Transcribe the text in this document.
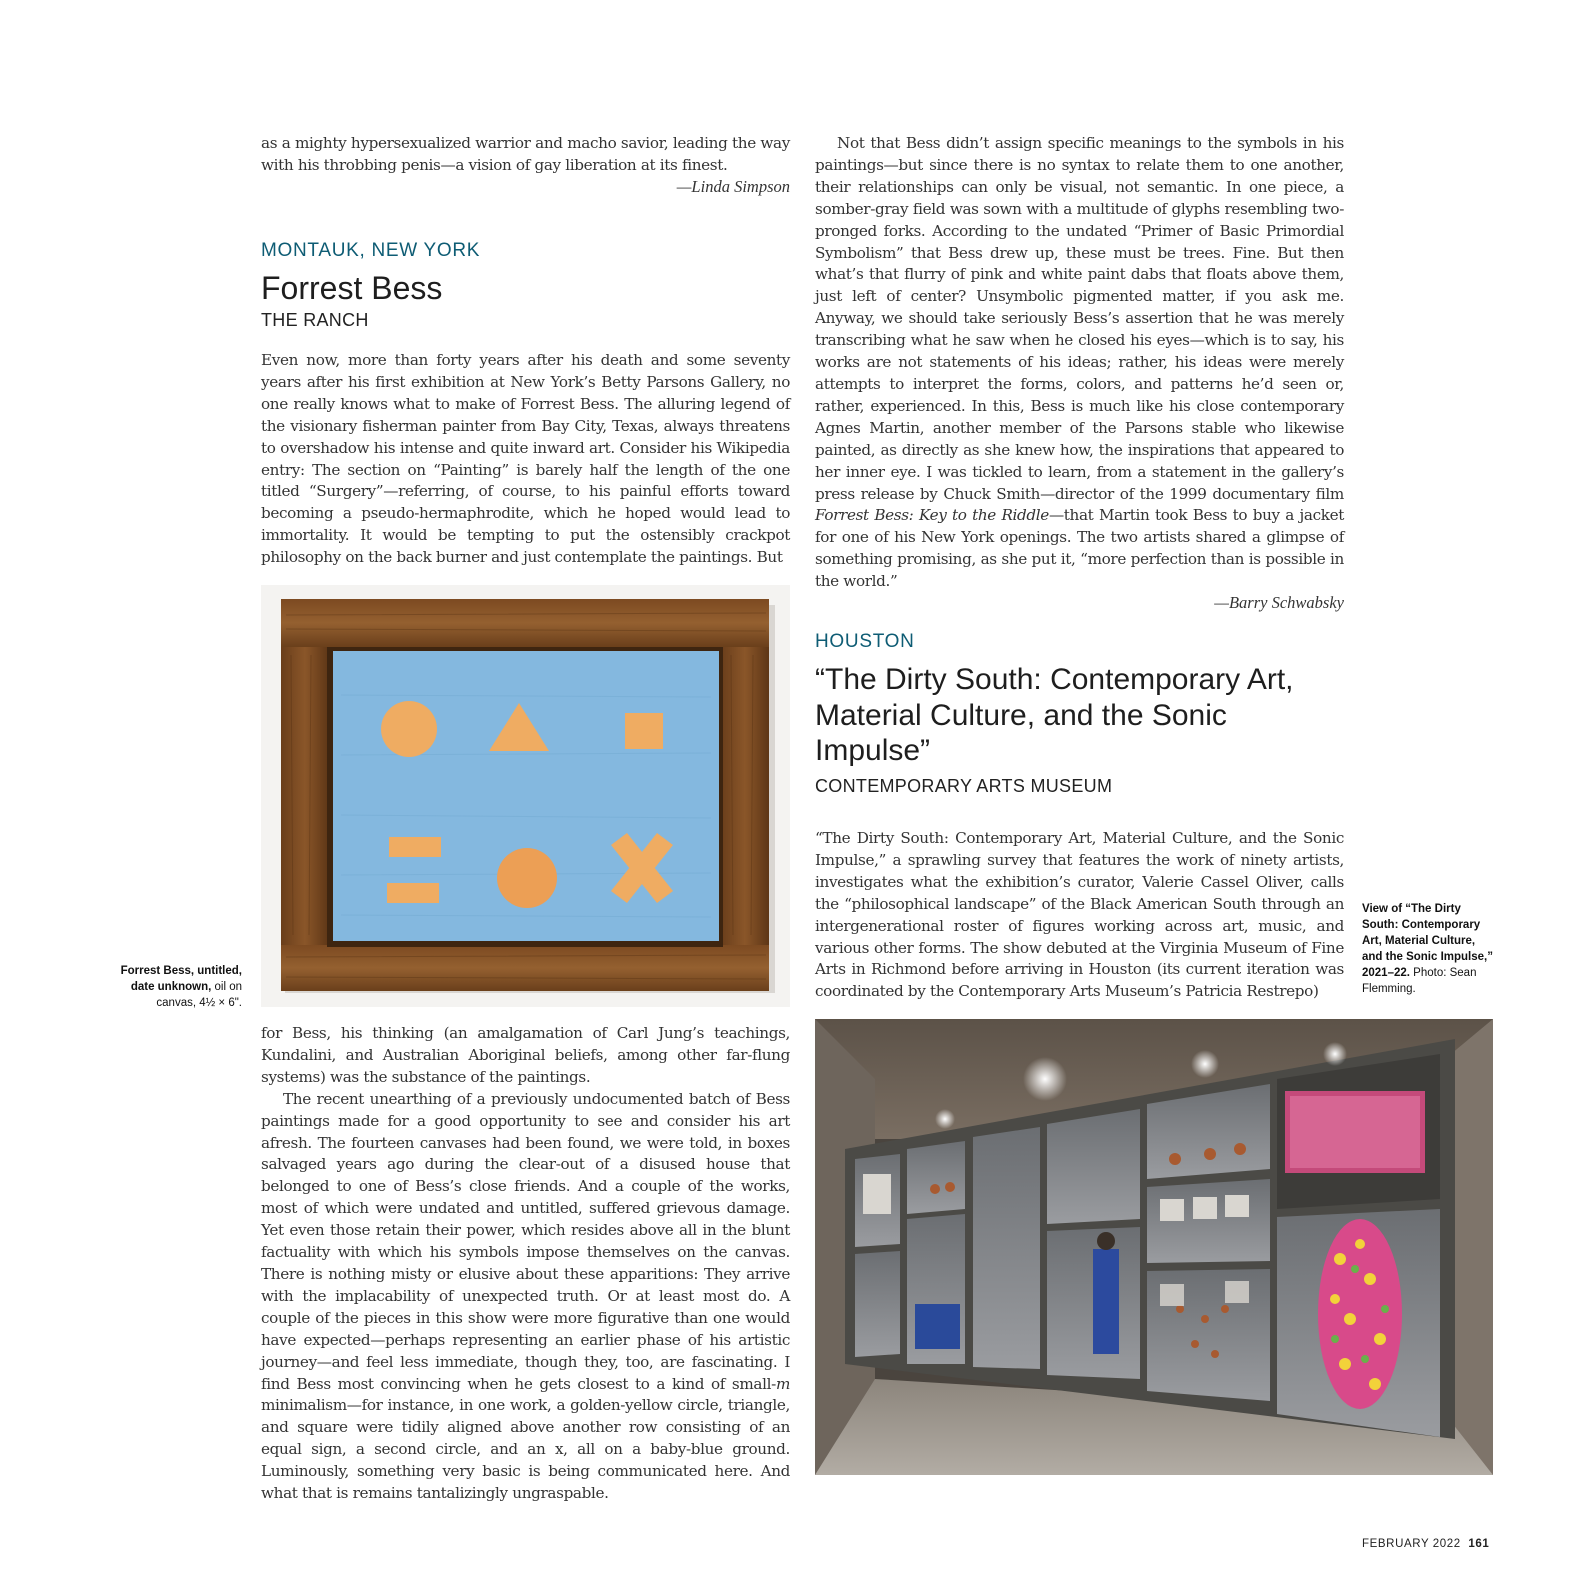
as a mighty hypersexualized warrior and macho savior, leading the way with his throbbing penis—a vision of gay liberation at its finest.

—Linda Simpson

MONTAUK, NEW YORK
Forrest Bess
THE RANCH

Even now, more than forty years after his death and some seventy years after his first exhibition at New York’s Betty Parsons Gallery, no one really knows what to make of Forrest Bess. The alluring legend of the visionary fisherman painter from Bay City, Texas, always threatens to overshadow his intense and quite inward art. Consider his Wikipedia entry: The section on “Painting” is barely half the length of the one titled “Surgery”—referring, of course, to his painful efforts toward becoming a pseudo-hermaphrodite, which he hoped would lead to immortality. It would be tempting to put the ostensibly crackpot philosophy on the back burner and just contemplate the paintings. But

Forrest Bess, untitled, date unknown, oil on canvas, 4½ × 6".

for Bess, his thinking (an amalgamation of Carl Jung’s teachings, Kundalini, and Australian Aboriginal beliefs, among other far-flung systems) was the substance of the paintings.

The recent unearthing of a previously undocumented batch of Bess paintings made for a good opportunity to see and consider his art afresh. The fourteen canvases had been found, we were told, in boxes salvaged years ago during the clear-out of a disused house that belonged to one of Bess’s close friends. And a couple of the works, most of which were undated and untitled, suffered grievous damage. Yet even those retain their power, which resides above all in the blunt factuality with which his symbols impose themselves on the canvas. There is nothing misty or elusive about these apparitions: They arrive with the implacability of unexpected truth. Or at least most do. A couple of the pieces in this show were more figurative than one would have expected—perhaps representing an earlier phase of his artistic journey—and feel less immediate, though they, too, are fascinating. I find Bess most convincing when he gets closest to a kind of small-m minimalism—for instance, in one work, a golden-yellow circle, triangle, and square were tidily aligned above another row consisting of an equal sign, a second circle, and an x, all on a baby-blue ground. Luminously, something very basic is being communicated here. And what that is remains tantalizingly ungraspable.

Not that Bess didn’t assign specific meanings to the symbols in his paintings—but since there is no syntax to relate them to one another, their relationships can only be visual, not semantic. In one piece, a somber-gray field was sown with a multitude of glyphs resembling two-pronged forks. According to the undated “Primer of Basic Primordial Symbolism” that Bess drew up, these must be trees. Fine. But then what’s that flurry of pink and white paint dabs that floats above them, just left of center? Unsymbolic pigmented matter, if you ask me. Anyway, we should take seriously Bess’s assertion that he was merely transcribing what he saw when he closed his eyes—which is to say, his works are not statements of his ideas; rather, his ideas were merely attempts to interpret the forms, colors, and patterns he’d seen or, rather, experienced. In this, Bess is much like his close contemporary Agnes Martin, another member of the Parsons stable who likewise painted, as directly as she knew how, the inspirations that appeared to her inner eye. I was tickled to learn, from a statement in the gallery’s press release by Chuck Smith—director of the 1999 documentary film Forrest Bess: Key to the Riddle—that Martin took Bess to buy a jacket for one of his New York openings. The two artists shared a glimpse of something promising, as she put it, “more perfection than is possible in the world.”

—Barry Schwabsky

HOUSTON
“The Dirty South: Contemporary Art, Material Culture, and the Sonic Impulse”
CONTEMPORARY ARTS MUSEUM

“The Dirty South: Contemporary Art, Material Culture, and the Sonic Impulse,” a sprawling survey that features the work of ninety artists, investigates what the exhibition’s curator, Valerie Cassel Oliver, calls the “philosophical landscape” of the Black American South through an intergenerational roster of figures working across art, music, and various other forms. The show debuted at the Virginia Museum of Fine Arts in Richmond before arriving in Houston (its current iteration was coordinated by the Contemporary Arts Museum’s Patricia Restrepo)

View of “The Dirty South: Contemporary Art, Material Culture, and the Sonic Impulse,” 2021–22. Photo: Sean Flemming.
FEBRUARY 2022 161
